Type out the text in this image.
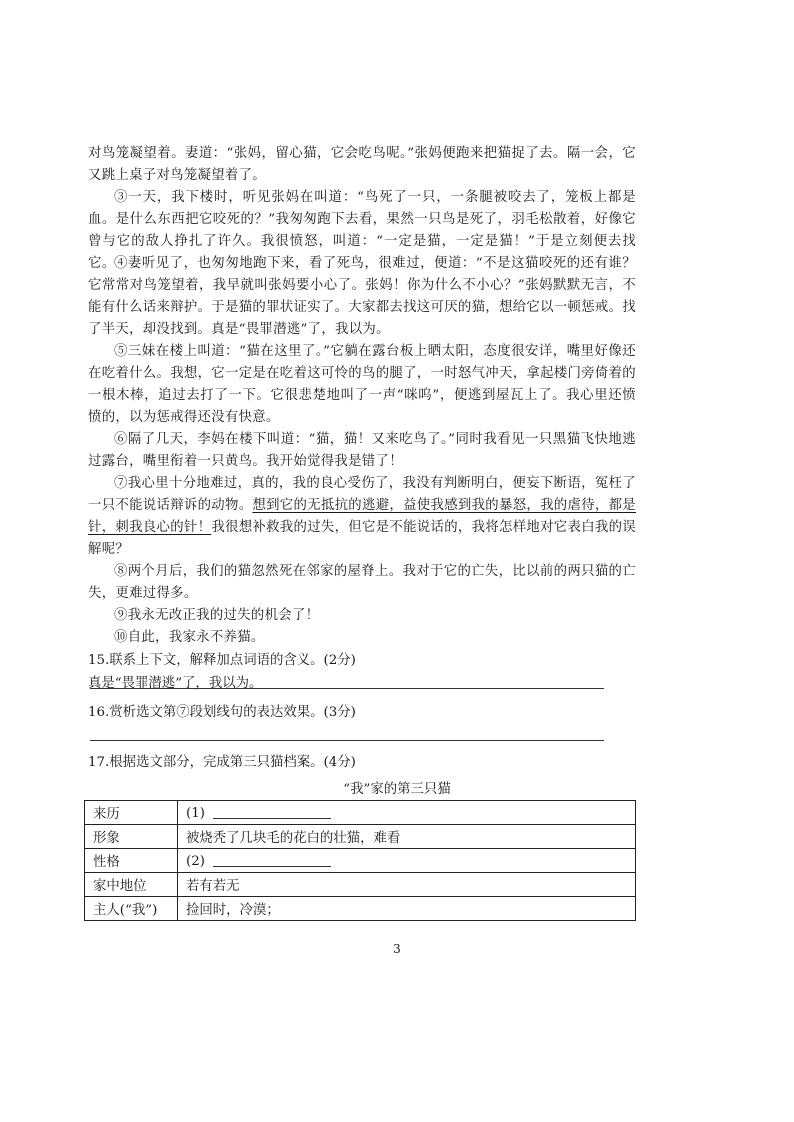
对鸟笼凝望着。妻道：“张妈，留心猫，它会吃鸟呢。”张妈便跑来把猫捉了去。隔一会，它又跳上桌子对鸟笼凝望着了。
③一天，我下楼时，听见张妈在叫道：“鸟死了一只，一条腿被咬去了，笼板上都是血。是什么东西把它咬死的？”我匆匆跑下去看，果然一只鸟是死了，羽毛松散着，好像它曾与它的敌人挣扎了许久。我很愤怒，叫道：“一定是猫，一定是猫！”于是立刻便去找它。
④妻听见了，也匆匆地跑下来，看了死鸟，很难过，便道：“不是这猫咬死的还有谁？它常常对鸟笼望着，我早就叫张妈要小心了。张妈！你为什么不小心？”张妈默默无言，不能有什么话来辩护。于是猫的罪状证实了。大家都去找这可厌的猫，想给它以一顿惩戒。找了半天，却没找到。真是“畏罪潜逃”了，我以为。
⑤三妹在楼上叫道：“猫在这里了。”它躺在露台板上晒太阳，态度很安详，嘴里好像还在吃着什么。我想，它一定是在吃着这可怜的鸟的腿了，一时怒气冲天，拿起楼门旁倚着的一根木棒，追过去打了一下。它很悲楚地叫了一声“咪呜”，便逃到屋瓦上了。我心里还愤愤的，以为惩戒得还没有快意。
⑥隔了几天，李妈在楼下叫道：“猫，猫！又来吃鸟了。”同时我看见一只黑猫飞快地逃过露台，嘴里衔着一只黄鸟。我开始觉得我是错了！
⑦我心里十分地难过，真的，我的良心受伤了，我没有判断明白，便妄下断语，冤枉了一只不能说话辩诉的动物。想到它的无抵抗的逃避，益使我感到我的暴怒，我的虐待，都是针，刺我良心的针！我很想补救我的过失，但它是不能说话的，我将怎样地对它表白我的误解呢？
⑧两个月后，我们的猫忽然死在邻家的屋脊上。我对于它的亡失，比以前的两只猫的亡失，更难过得多。
⑨我永无改正我的过失的机会了！
⑩自此，我家永不养猫。
15.联系上下文，解释加点词语的含义。(2分)
真是“畏罪潜逃”了，我以为。
16.赏析选文第⑦段划线句的表达效果。(3分)
17.根据选文部分，完成第三只猫档案。(4分)
“我”家的第三只猫
来历	(1)
形象	被烧秃了几块毛的花白的壮猫，难看
性格	(2)
家中地位	若有若无
主人(“我”)	捡回时，冷漠；
3
